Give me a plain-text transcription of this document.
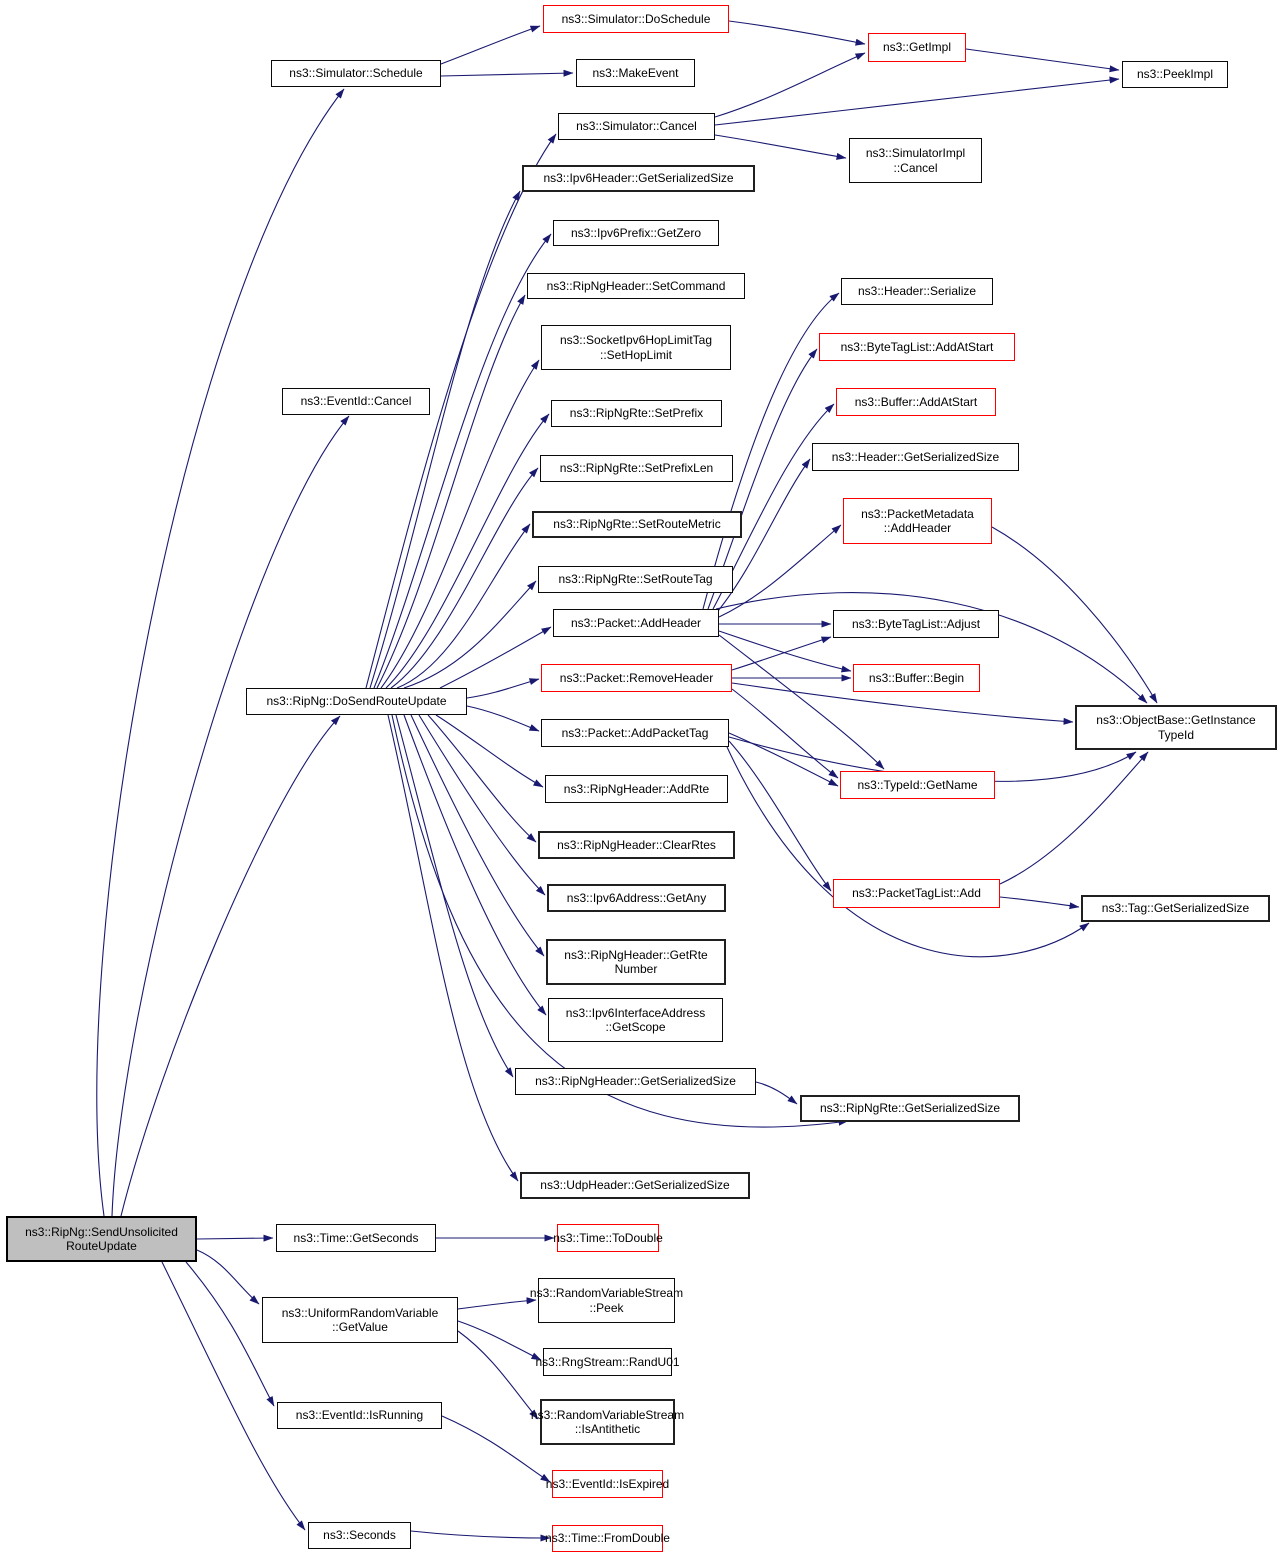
ns3::RipNg::SendUnsolicited
RouteUpdate
ns3::Simulator::Schedule
ns3::EventId::Cancel
ns3::RipNg::DoSendRouteUpdate
ns3::Time::GetSeconds
ns3::UniformRandomVariable
::GetValue
ns3::EventId::IsRunning
ns3::Seconds
ns3::Simulator::DoSchedule
ns3::MakeEvent
ns3::GetImpl
ns3::PeekImpl
ns3::Simulator::Cancel
ns3::SimulatorImpl
::Cancel
ns3::Ipv6Header::GetSerializedSize
ns3::Ipv6Prefix::GetZero
ns3::RipNgHeader::SetCommand
ns3::SocketIpv6HopLimitTag
::SetHopLimit
ns3::RipNgRte::SetPrefix
ns3::RipNgRte::SetPrefixLen
ns3::RipNgRte::SetRouteMetric
ns3::RipNgRte::SetRouteTag
ns3::Header::Serialize
ns3::ByteTagList::AddAtStart
ns3::Buffer::AddAtStart
ns3::Header::GetSerializedSize
ns3::PacketMetadata
::AddHeader
ns3::Packet::AddHeader	ns3::ByteTagList::Adjust
ns3::Packet::RemoveHeader	ns3::Buffer::Begin
ns3::Packet::AddPacketTag
ns3::TypeId::GetName
ns3::RipNgHeader::AddRte
ns3::RipNgHeader::ClearRtes
ns3::Ipv6Address::GetAny	ns3::PacketTagList::Add
ns3::RipNgHeader::GetRte
Number
ns3::ObjectBase::GetInstance
TypeId
ns3::Ipv6InterfaceAddress
::GetScope
ns3::RipNgHeader::GetSerializedSize
ns3::RipNgRte::GetSerializedSize
ns3::Tag::GetSerializedSize
ns3::UdpHeader::GetSerializedSize
ns3::Time::ToDouble
ns3::RandomVariableStream
::Peek
ns3::RngStream::RandU01
ns3::RandomVariableStream
::IsAntithetic
ns3::EventId::IsExpired
ns3::Time::FromDouble
